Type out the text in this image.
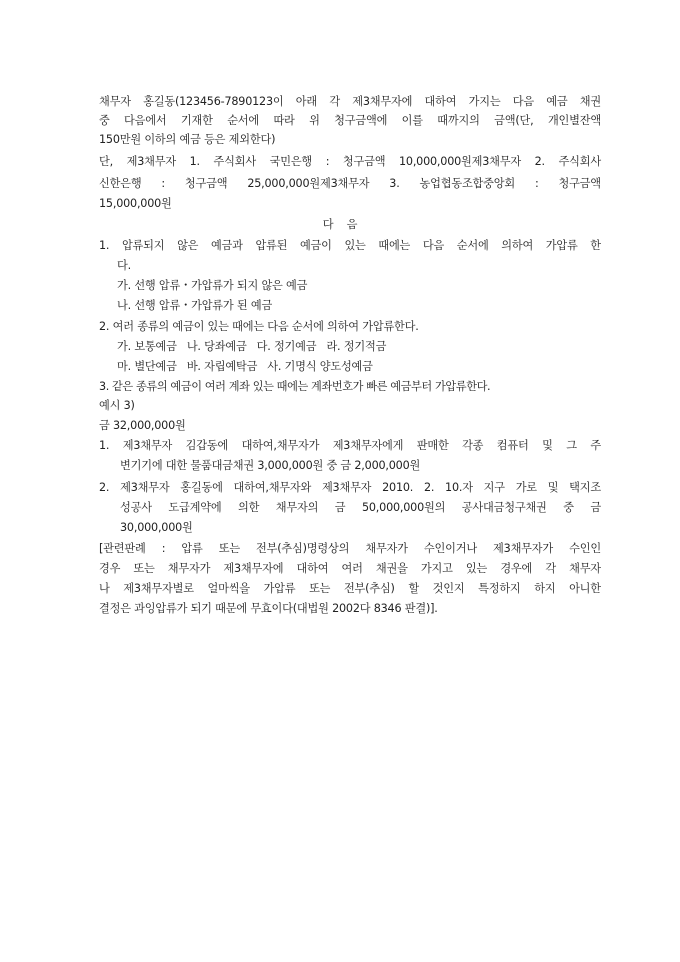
채무자 홍길동(123456-7890123이 아래 각 제3채무자에 대하여 가지는 다음 예금 채권
중 다음에서 기재한 순서에 따라 위 청구금액에 이를 때까지의 금액(단, 개인별잔액
150만원 이하의 예금 등은 제외한다)
단, 제3채무자 1. 주식회사 국민은행 : 청구금액 10,000,000원제3채무자 2. 주식회사
신한은행 : 청구금액 25,000,000원제3채무자 3. 농업협동조합중앙회 : 청구금액
15,000,000원
다 음
1. 압류되지 않은 예금과 압류된 예금이 있는 때에는 다음 순서에 의하여 가압류 한
다.
가. 선행 압류・가압류가 되지 않은 예금
나. 선행 압류・가압류가 된 예금
2. 여러 종류의 예금이 있는 때에는 다음 순서에 의하여 가압류한다.
가. 보통예금   나. 당좌예금   다. 정기예금   라. 정기적금
마. 별단예금   바. 자립예탁금   사. 기명식 양도성예금
3. 같은 종류의 예금이 여러 계좌 있는 때에는 계좌번호가 빠른 예금부터 가압류한다.
예시 3)
금 32,000,000원
1. 제3채무자 김갑동에 대하여,채무자가 제3채무자에게 판매한 각종 컴퓨터 및 그 주
변기기에 대한 물품대금채권 3,000,000원 중 금 2,000,000원
2. 제3채무자 홍길동에 대하여,채무자와 제3채무자 2010. 2. 10.자 지구 가로 및 택지조
성공사 도급계약에 의한 채무자의 금 50,000,000원의 공사대금청구채권 중 금
30,000,000원
[관련판례 : 압류 또는 전부(추심)명령상의 채무자가 수인이거나 제3채무자가 수인인
경우 또는 채무자가 제3채무자에 대하여 여러 채권을 가지고 있는 경우에 각 채무자
나 제3채무자별로 얼마씩을 가압류 또는 전부(추심) 할 것인지 특정하지 하지 아니한
결정은 과잉압류가 되기 때문에 무효이다(대법원 2002다 8346 판결)].
